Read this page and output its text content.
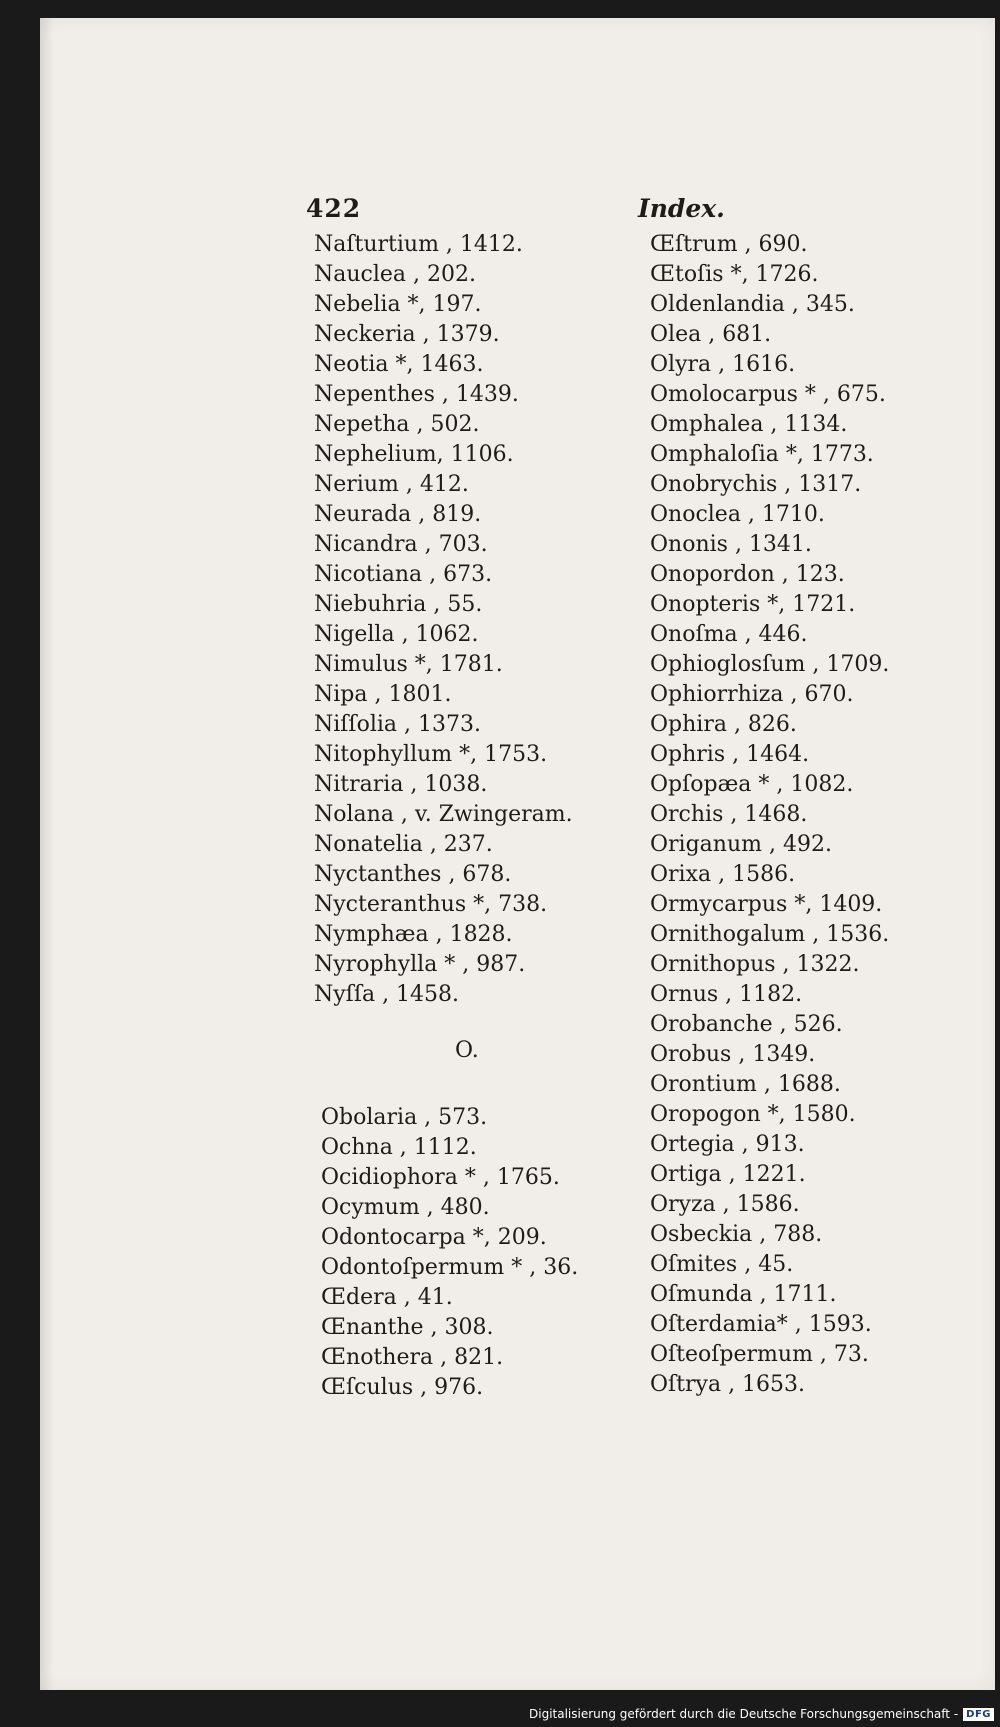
422	Index.
Naſturtium , 1412.
Nauclea , 202.
Nebelia *, 197.
Neckeria , 1379.
Neotia *, 1463.
Nepenthes , 1439.
Nepetha , 502.
Nephelium, 1106.
Nerium , 412.
Neurada , 819.
Nicandra , 703.
Nicotiana , 673.
Niebuhria , 55.
Nigella , 1062.
Nimulus *, 1781.
Nipa , 1801.
Niſſolia , 1373.
Nitophyllum *, 1753.
Nitraria , 1038.
Nolana , v. Zwingeram.
Nonatelia , 237.
Nyctanthes , 678.
Nycteranthus *, 738.
Nymphæa , 1828.
Nyrophylla * , 987.
Nyſſa , 1458.
O.
Obolaria , 573.
Ochna , 1112.
Ocidiophora * , 1765.
Ocymum , 480.
Odontocarpa *, 209.
Odontoſpermum * , 36.
Œdera , 41.
Œnanthe , 308.
Œnothera , 821.
Œſculus , 976.
Œſtrum , 690.
Œtoſis *, 1726.
Oldenlandia , 345.
Olea , 681.
Olyra , 1616.
Omolocarpus * , 675.
Omphalea , 1134.
Omphaloſia *, 1773.
Onobrychis , 1317.
Onoclea , 1710.
Ononis , 1341.
Onopordon , 123.
Onopteris *, 1721.
Onoſma , 446.
Ophioglosſum , 1709.
Ophiorrhiza , 670.
Ophira , 826.
Ophris , 1464.
Opſopæa * , 1082.
Orchis , 1468.
Origanum , 492.
Orixa , 1586.
Ormycarpus *, 1409.
Ornithogalum , 1536.
Ornithopus , 1322.
Ornus , 1182.
Orobanche , 526.
Orobus , 1349.
Orontium , 1688.
Oropogon *, 1580.
Ortegia , 913.
Ortiga , 1221.
Oryza , 1586.
Osbeckia , 788.
Oſmites , 45.
Oſmunda , 1711.
Oſterdamia* , 1593.
Oſteoſpermum , 73.
Oſtrya , 1653.
Digitalisierung gefördert durch die Deutsche Forschungsgemeinschaft - DFG
